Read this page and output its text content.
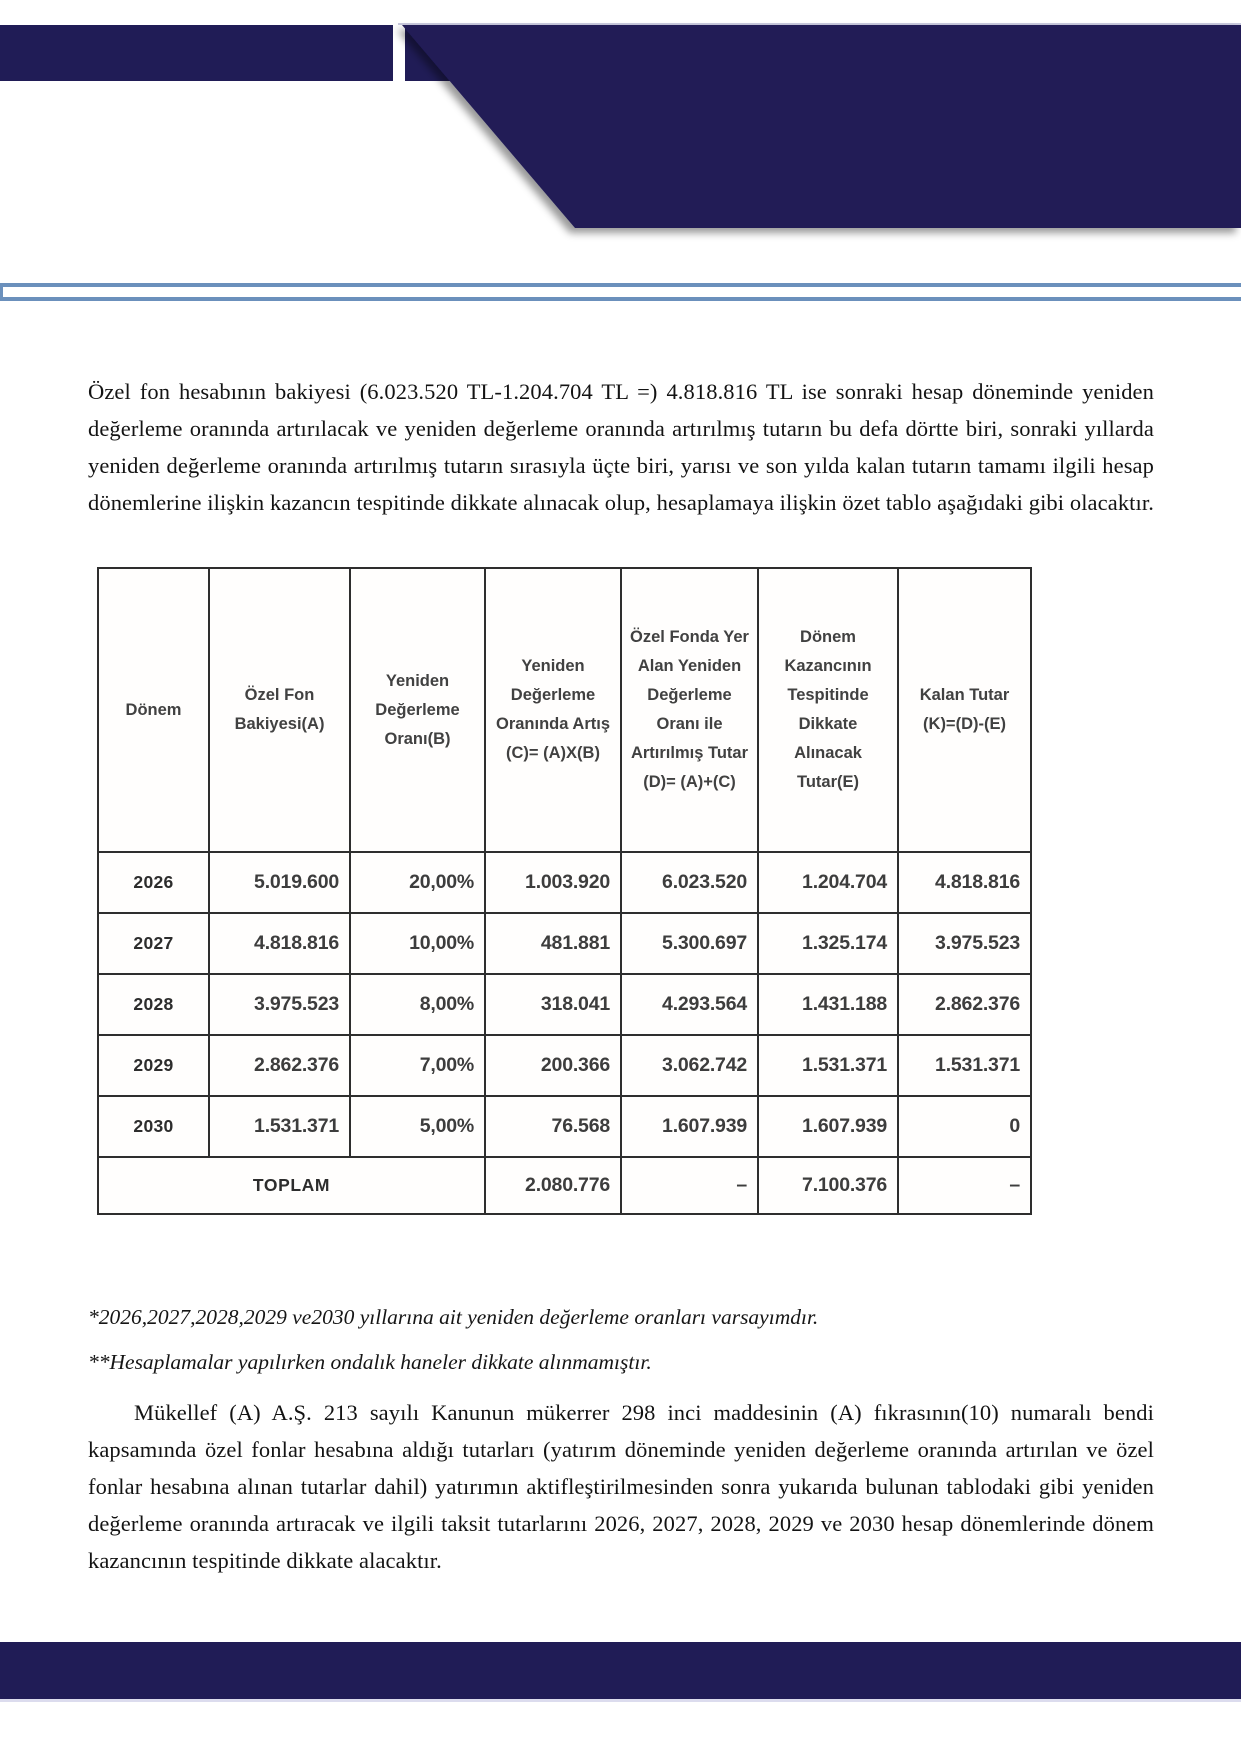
Özel fon hesabının bakiyesi (6.023.520 TL-1.204.704 TL =) 4.818.816 TL ise sonraki hesap döneminde yeniden değerleme oranında artırılacak ve yeniden değerleme oranında artırılmış tutarın bu defa dörtte biri, sonraki yıllarda yeniden değerleme oranında artırılmış tutarın sırasıyla üçte biri, yarısı ve son yılda kalan tutarın tamamı ilgili hesap dönemlerine ilişkin kazancın tespitinde dikkate alınacak olup, hesaplamaya ilişkin özet tablo aşağıdaki gibi olacaktır.

Dönem	Özel Fon Bakiyesi(A)	Yeniden Değerleme Oranı(B)	Yeniden Değerleme Oranında Artış (C)= (A)X(B)	Özel Fonda Yer Alan Yeniden Değerleme Oranı ile Artırılmış Tutar (D)= (A)+(C)	Dönem Kazancının Tespitinde Dikkate Alınacak Tutar(E)	Kalan Tutar (K)=(D)-(E)
2026	5.019.600	20,00%	1.003.920	6.023.520	1.204.704	4.818.816
2027	4.818.816	10,00%	481.881	5.300.697	1.325.174	3.975.523
2028	3.975.523	8,00%	318.041	4.293.564	1.431.188	2.862.376
2029	2.862.376	7,00%	200.366	3.062.742	1.531.371	1.531.371
2030	1.531.371	5,00%	76.568	1.607.939	1.607.939	0
TOPLAM			2.080.776	–	7.100.376	–

*2026,2027,2028,2029 ve2030 yıllarına ait yeniden değerleme oranları varsayımdır.

**Hesaplamalar yapılırken ondalık haneler dikkate alınmamıştır.

Mükellef (A) A.Ş. 213 sayılı Kanunun mükerrer 298 inci maddesinin (A) fıkrasının(10) numaralı bendi kapsamında özel fonlar hesabına aldığı tutarları (yatırım döneminde yeniden değerleme oranında artırılan ve özel fonlar hesabına alınan tutarlar dahil) yatırımın aktifleştirilmesinden sonra yukarıda bulunan tablodaki gibi yeniden değerleme oranında artıracak ve ilgili taksit tutarlarını 2026, 2027, 2028, 2029 ve 2030 hesap dönemlerinde dönem kazancının tespitinde dikkate alacaktır.
